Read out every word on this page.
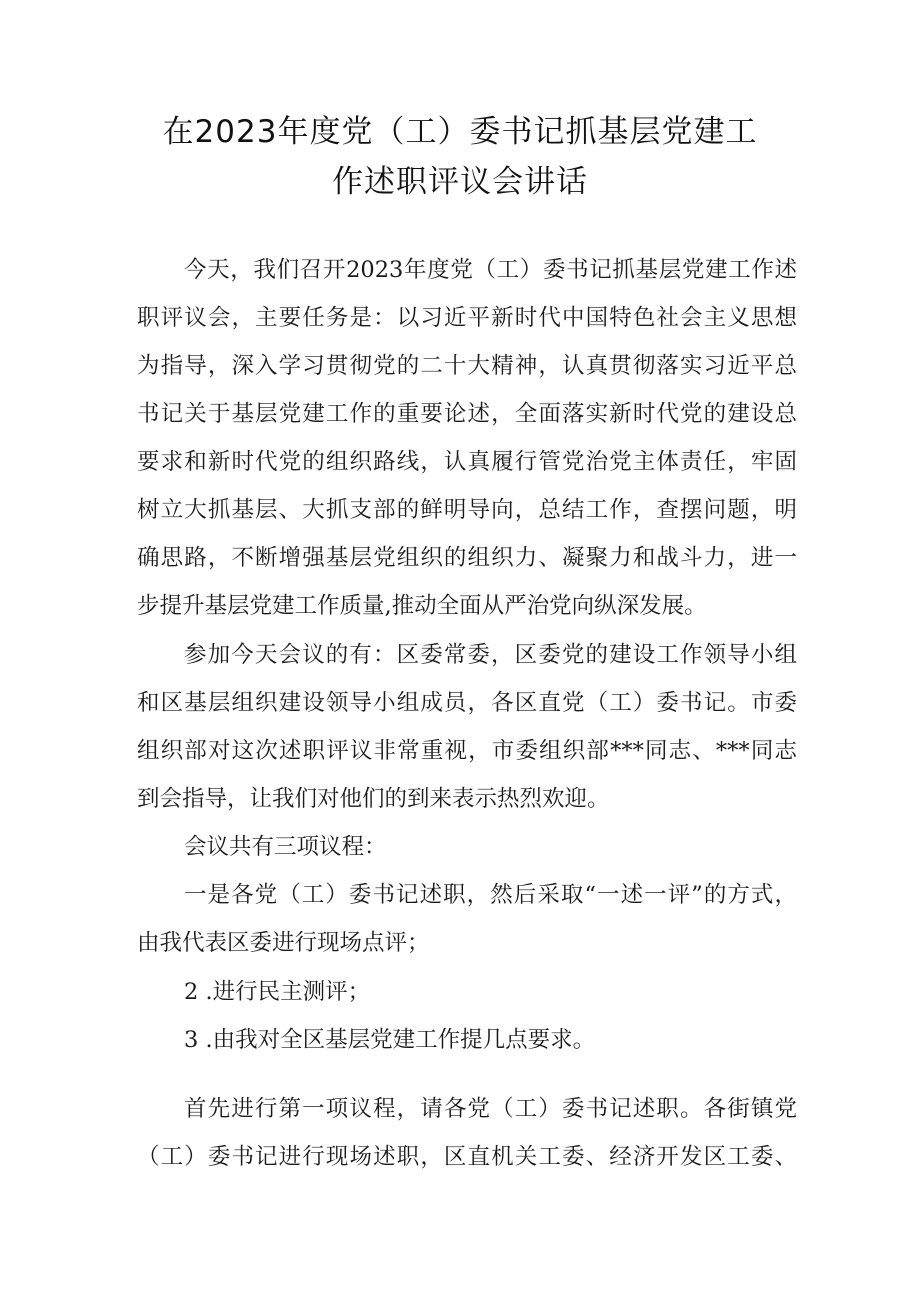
在2023年度党（工）委书记抓基层党建工
作述职评议会讲话
今天，我们召开2023年度党（工）委书记抓基层党建工作述
职评议会，主要任务是：以习近平新时代中国特色社会主义思想
为指导，深入学习贯彻党的二十大精神，认真贯彻落实习近平总
书记关于基层党建工作的重要论述，全面落实新时代党的建设总
要求和新时代党的组织路线，认真履行管党治党主体责任，牢固
树立大抓基层、大抓支部的鲜明导向，总结工作，查摆问题，明
确思路，不断增强基层党组织的组织力、凝聚力和战斗力，进一
步提升基层党建工作质量,推动全面从严治党向纵深发展。
参加今天会议的有：区委常委，区委党的建设工作领导小组
和区基层组织建设领导小组成员，各区直党（工）委书记。市委
组织部对这次述职评议非常重视，市委组织部***同志、***同志
到会指导，让我们对他们的到来表示热烈欢迎。
会议共有三项议程：
一是各党（工）委书记述职，然后采取“一述一评”的方式，
由我代表区委进行现场点评；
2 .进行民主测评；
3 .由我对全区基层党建工作提几点要求。
首先进行第一项议程，请各党（工）委书记述职。各街镇党
（工）委书记进行现场述职，区直机关工委、经济开发区工委、
